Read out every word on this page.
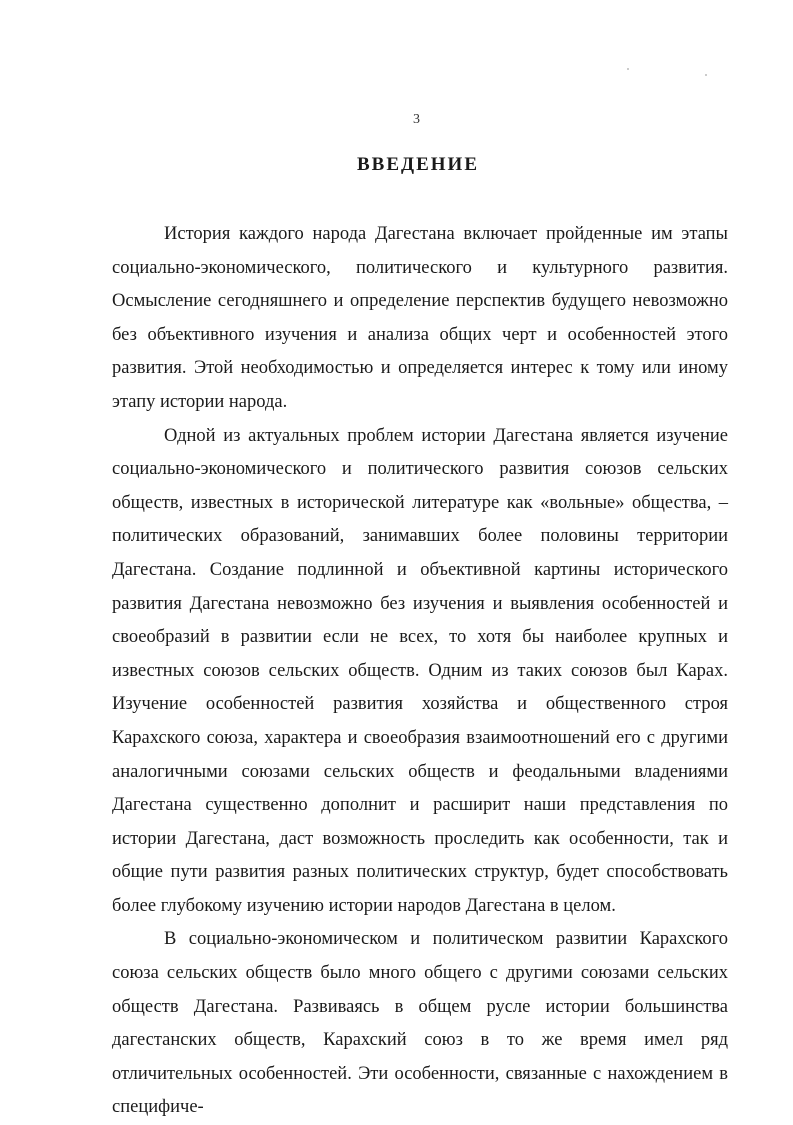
3
ВВЕДЕНИЕ

История каждого народа Дагестана включает пройденные им этапы социально-экономического, политического и культурного развития. Осмысление сегодняшнего и определение перспектив будущего невозможно без объективного изучения и анализа общих черт и особенностей этого развития. Этой необходимостью и определяется интерес к тому или иному этапу истории народа.

Одной из актуальных проблем истории Дагестана является изучение социально-экономического и политического развития союзов сельских обществ, известных в исторической литературе как «вольные» общества, – политических образований, занимавших более половины территории Дагестана. Создание подлинной и объективной картины исторического развития Дагестана невозможно без изучения и выявления особенностей и своеобразий в развитии если не всех, то хотя бы наиболее крупных и известных союзов сельских обществ. Одним из таких союзов был Карах. Изучение особенностей развития хозяйства и общественного строя Карахского союза, характера и своеобразия взаимоотношений его с другими аналогичными союзами сельских обществ и феодальными владениями Дагестана существенно дополнит и расширит наши представления по истории Дагестана, даст возможность проследить как особенности, так и общие пути развития разных политических структур, будет способствовать более глубокому изучению истории народов Дагестана в целом.

В социально-экономическом и политическом развитии Карахского союза сельских обществ было много общего с другими союзами сельских обществ Дагестана. Развиваясь в общем русле истории большинства дагестанских обществ, Карахский союз в то же время имел ряд отличительных особенностей. Эти особенности, связанные с нахождением в специфиче-
